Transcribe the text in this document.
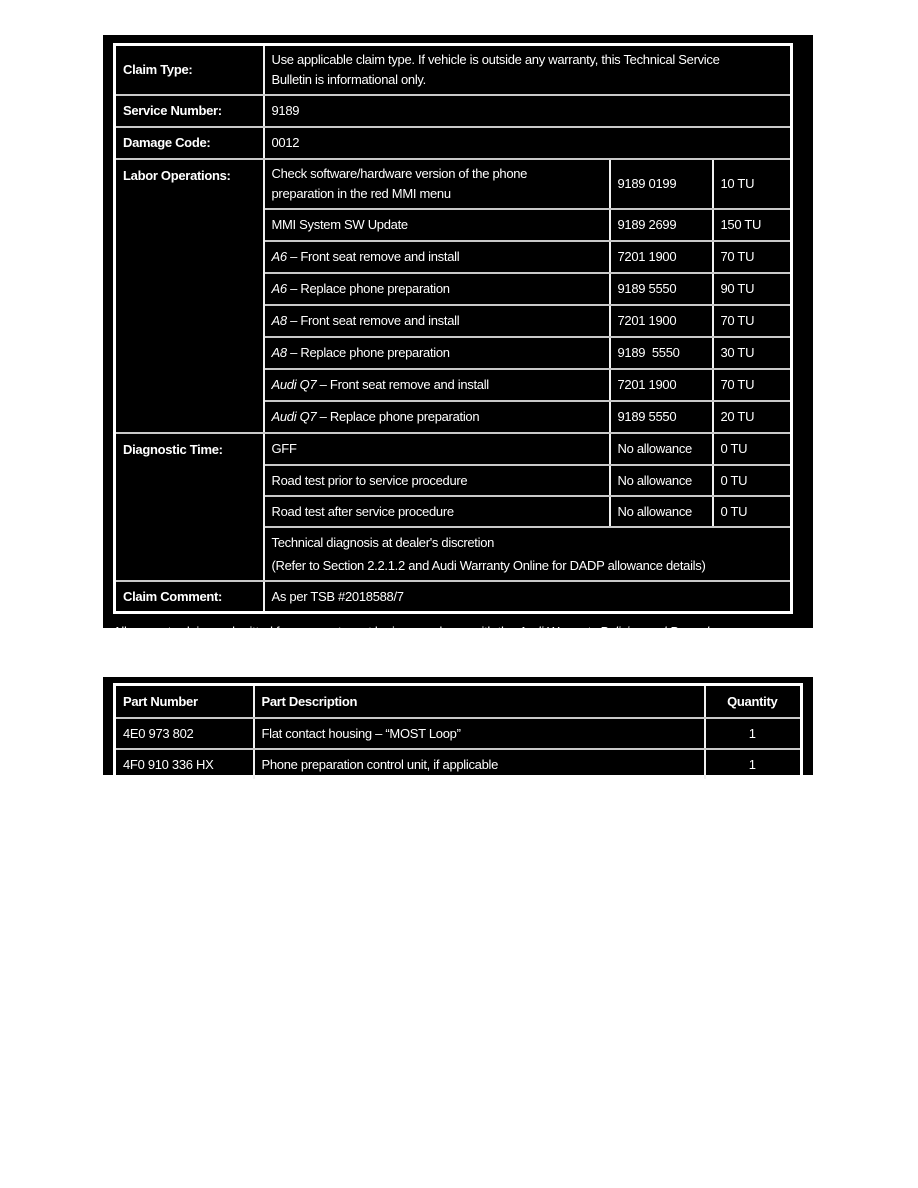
Claim Type:	Use applicable claim type. If vehicle is outside any warranty, this Technical Service
Bulletin is informational only.		

Service Number:	9189		
Damage Code:	0012		
Labor Operations:	Check software/hardware version of the phone
preparation in the red MMI menu	9189 0199	10 TU
	MMI System SW Update	9189 2699	150 TU
	A6 – Front seat remove and install	7201 1900	70 TU
	A6 – Replace phone preparation	9189 5550	90 TU
	A8 – Front seat remove and install	7201 1900	70 TU
	A8 – Replace phone preparation	9189  5550	30 TU
	Audi Q7 – Front seat remove and install	7201 1900	70 TU
	Audi Q7 – Replace phone preparation	9189 5550	20 TU
Diagnostic Time:	GFF	No allowance	0 TU
	Road test prior to service procedure	No allowance	0 TU
	Road test after service procedure	No allowance	0 TU

	Technical diagnosis at dealer's discretion
(Refer to Section 2.2.1.2 and Audi Warranty Online for DADP allowance details)		

Claim Comment:	As per TSB #2018588/7		
All warranty claims submitted for payment must be in accordance with the Audi Warranty Policies and Procedures
Manual. Claims are subject to review or audit by Audi Warranty.
Part Number	Part Description	Quantity
4E0 973 802	Flat contact housing – “MOST Loop”	1
4F0 910 336 HX	Phone preparation control unit, if applicable	1
